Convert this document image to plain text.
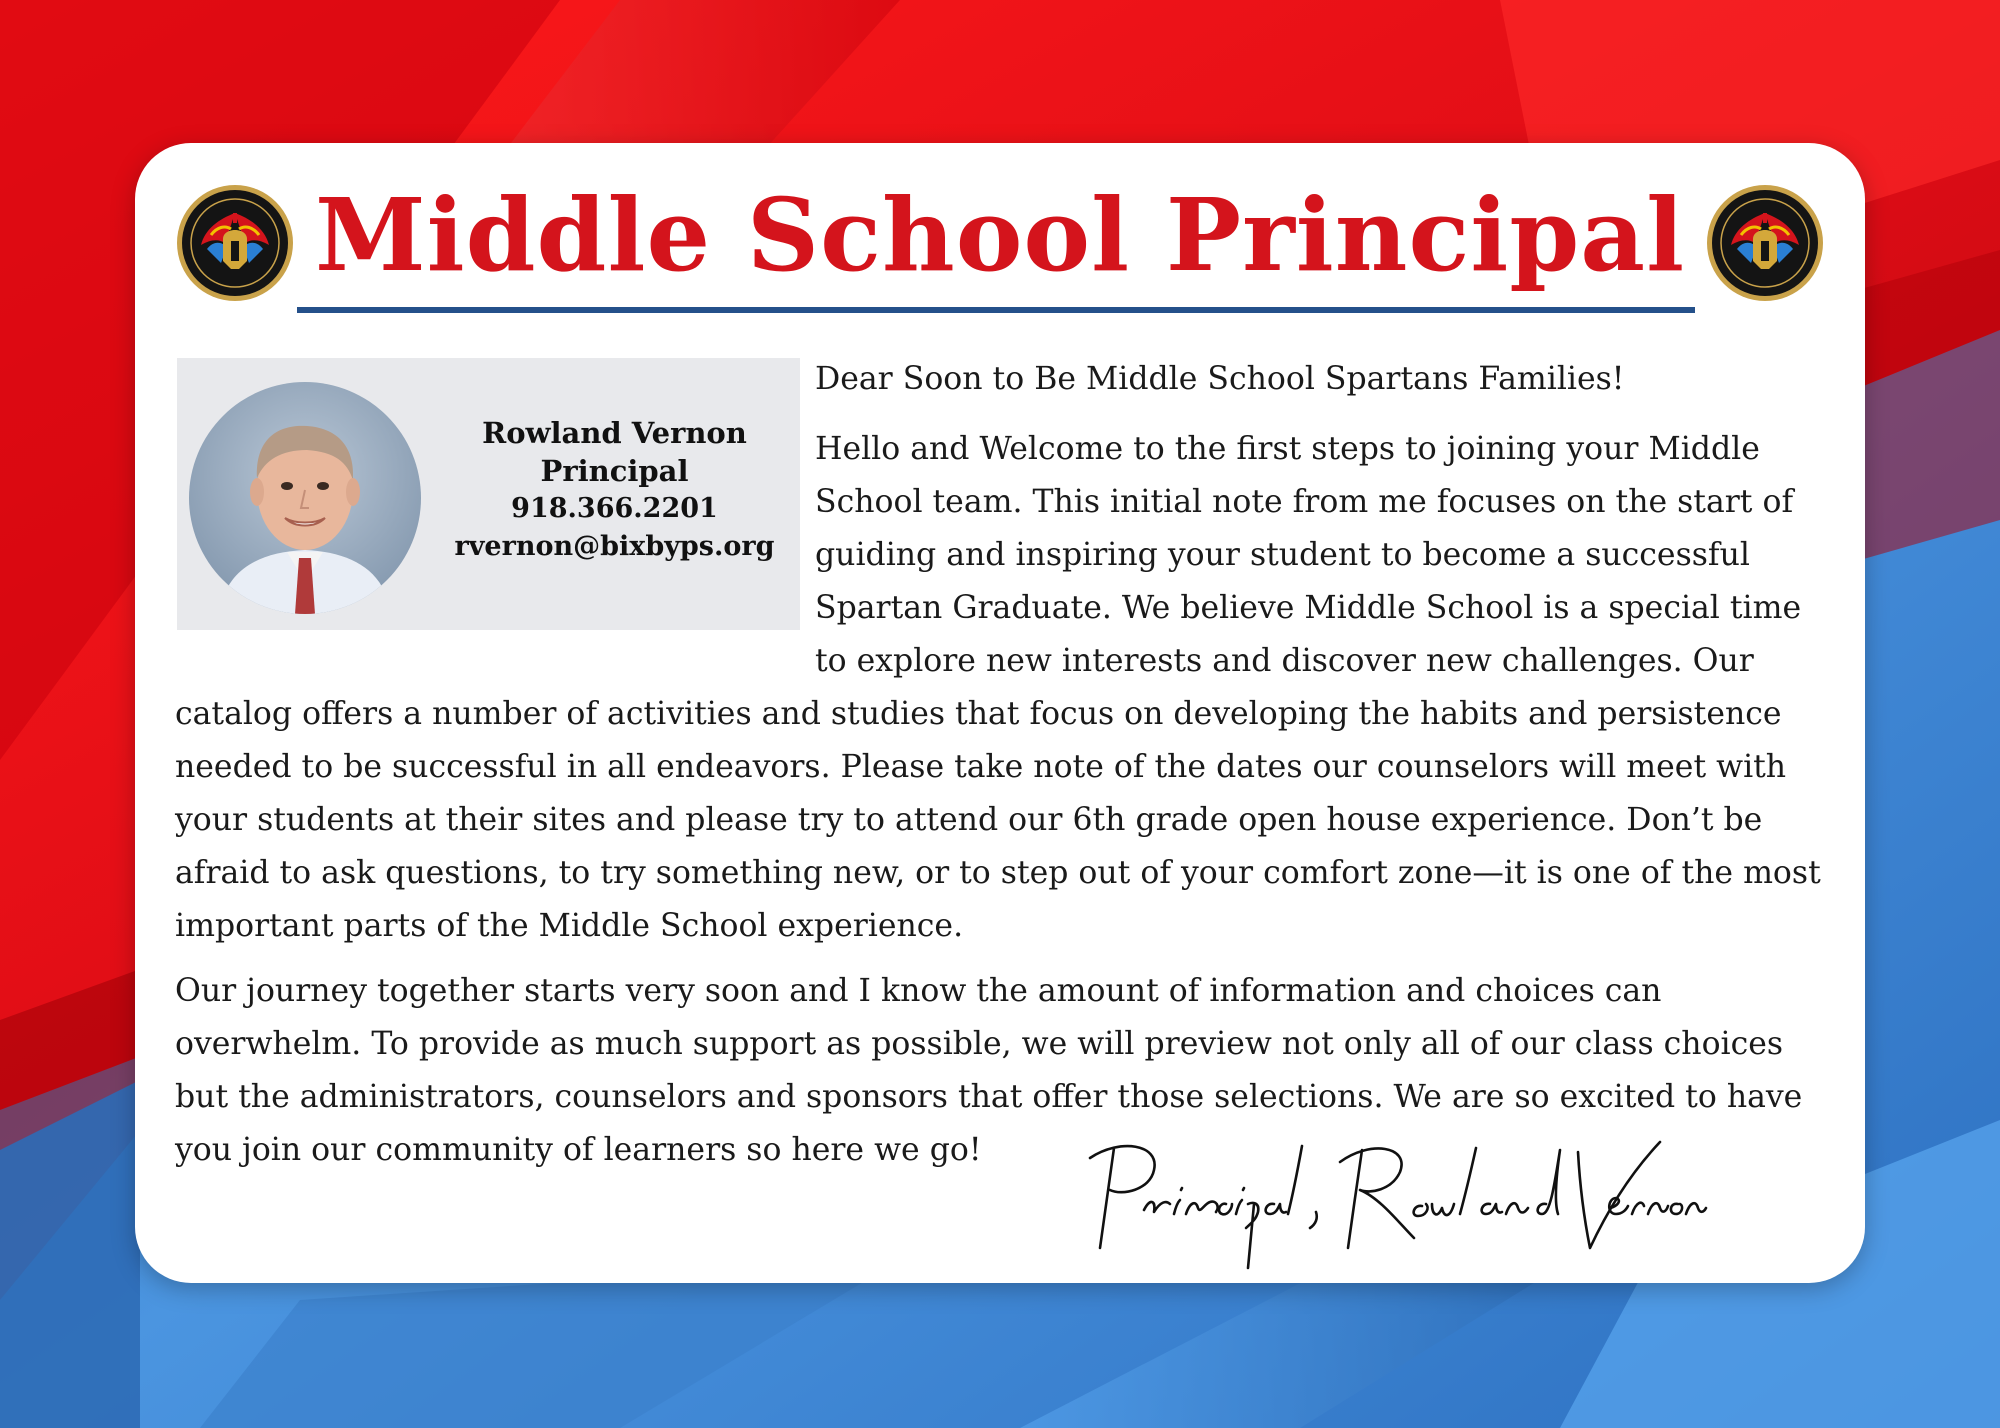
Middle School Principal

Dear Soon to Be Middle School Spartans Families!

Hello and Welcome to the first steps to joining your Middle School team. This initial note from me focuses on the start of guiding and inspiring your student to become a successful Spartan Graduate. We believe Middle School is a special time to explore new interests and discover new challenges. Our catalog offers a number of activities and studies that focus on developing the habits and persistence needed to be successful in all endeavors. Please take note of the dates our counselors will meet with your students at their sites and please try to attend our 6th grade open house experience. Don’t be afraid to ask questions, to try something new, or to step out of your comfort zone—it is one of the most important parts of the Middle School experience.

Our journey together starts very soon and I know the amount of information and choices can overwhelm. To provide as much support as possible, we will preview not only all of our class choices but the administrators, counselors and sponsors that offer those selections. We are so excited to have you join our community of learners so here we go!

Rowland Vernon
Principal
918.366.2201
rvernon@bixbyps.org
